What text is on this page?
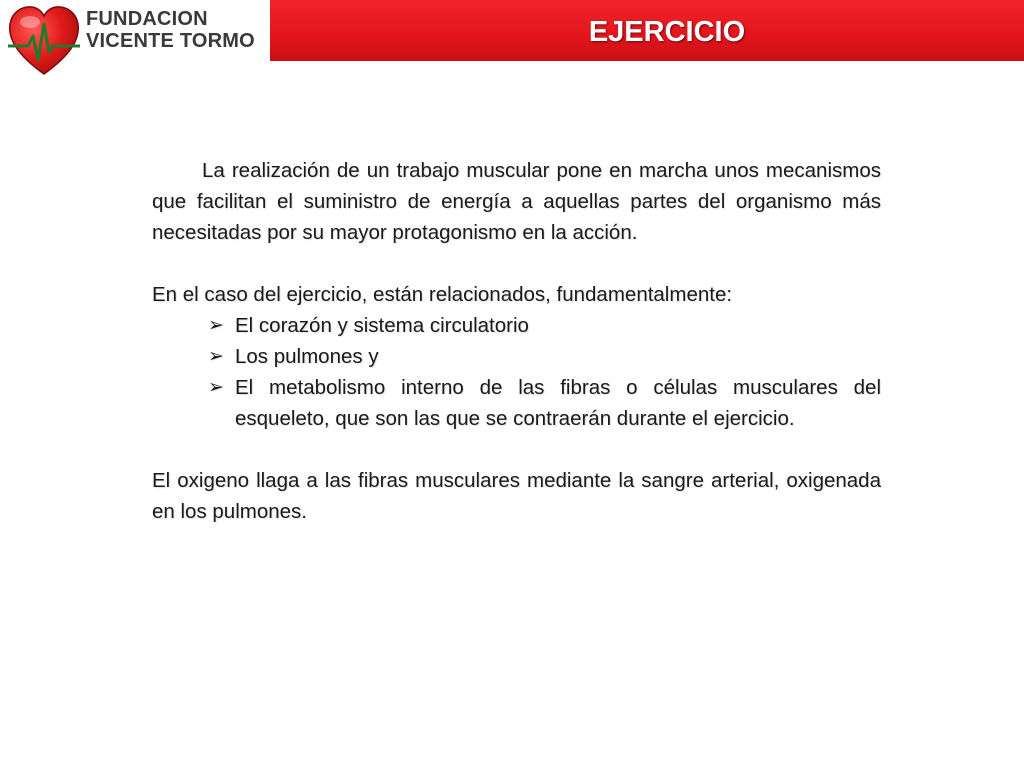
FUNDACION
VICENTE TORMO	EJERCICIO

La realización de un trabajo muscular pone en marcha unos mecanismos que facilitan el suministro de energía a aquellas partes del organismo más necesitadas por su mayor protagonismo en la acción.

En el caso del ejercicio, están relacionados, fundamentalmente:

➢ El corazón y sistema circulatorio
➢ Los pulmones y
➢ El metabolismo interno de las fibras o células musculares del esqueleto, que son las que se contraerán durante el ejercicio.

El oxigeno llaga a las fibras musculares mediante la sangre arterial, oxigenada en los pulmones.
